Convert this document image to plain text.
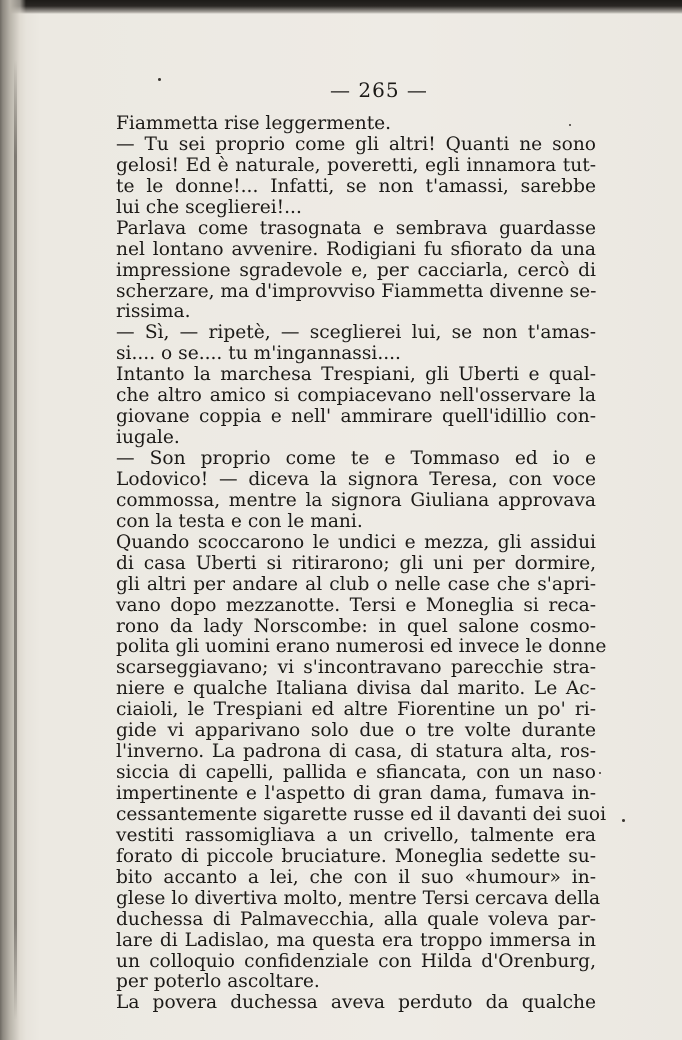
— 265 —
Fiammetta rise leggermente.
— Tu sei proprio come gli altri! Quanti ne sono
gelosi! Ed è naturale, poveretti, egli innamora tut-
te le donne!... Infatti, se non t'amassi, sarebbe
lui che sceglierei!...
Parlava come trasognata e sembrava guardasse
nel lontano avvenire. Rodigiani fu sfiorato da una
impressione sgradevole e, per cacciarla, cercò di
scherzare, ma d'improvviso Fiammetta divenne se-
rissima.
— Sì, — ripetè, — sceglierei lui, se non t'amas-
si.... o se.... tu m'ingannassi....
Intanto la marchesa Trespiani, gli Uberti e qual-
che altro amico si compiacevano nell'osservare la
giovane coppia e nell' ammirare quell'idillio con-
iugale.
— Son proprio come te e Tommaso ed io e
Lodovico! — diceva la signora Teresa, con voce
commossa, mentre la signora Giuliana approvava
con la testa e con le mani.
Quando scoccarono le undici e mezza, gli assidui
di casa Uberti si ritirarono; gli uni per dormire,
gli altri per andare al club o nelle case che s'apri-
vano dopo mezzanotte. Tersi e Moneglia si reca-
rono da lady Norscombe: in quel salone cosmo-
polita gli uomini erano numerosi ed invece le donne
scarseggiavano; vi s'incontravano parecchie stra-
niere e qualche Italiana divisa dal marito. Le Ac-
ciaioli, le Trespiani ed altre Fiorentine un po' ri-
gide vi apparivano solo due o tre volte durante
l'inverno. La padrona di casa, di statura alta, ros-
siccia di capelli, pallida e sfiancata, con un naso
impertinente e l'aspetto di gran dama, fumava in-
cessantemente sigarette russe ed il davanti dei suoi
vestiti rassomigliava a un crivello, talmente era
forato di piccole bruciature. Moneglia sedette su-
bito accanto a lei, che con il suo «humour» in-
glese lo divertiva molto, mentre Tersi cercava della
duchessa di Palmavecchia, alla quale voleva par-
lare di Ladislao, ma questa era troppo immersa in
un colloquio confidenziale con Hilda d'Orenburg,
per poterlo ascoltare.
La povera duchessa aveva perduto da qualche
